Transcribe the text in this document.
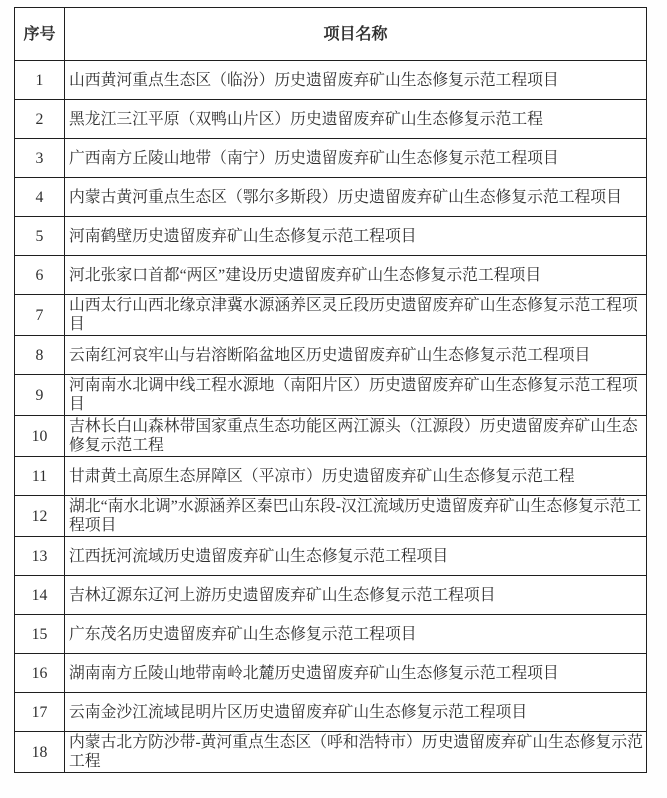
序号	项目名称
1	山西黄河重点生态区（临汾）历史遗留废弃矿山生态修复示范工程项目
2	黑龙江三江平原（双鸭山片区）历史遗留废弃矿山生态修复示范工程
3	广西南方丘陵山地带（南宁）历史遗留废弃矿山生态修复示范工程项目
4	内蒙古黄河重点生态区（鄂尔多斯段）历史遗留废弃矿山生态修复示范工程项目
5	河南鹤壁历史遗留废弃矿山生态修复示范工程项目
6	河北张家口首都“两区”建设历史遗留废弃矿山生态修复示范工程项目
7	山西太行山西北缘京津冀水源涵养区灵丘段历史遗留废弃矿山生态修复示范工程项目
8	云南红河哀牢山与岩溶断陷盆地区历史遗留废弃矿山生态修复示范工程项目
9	河南南水北调中线工程水源地（南阳片区）历史遗留废弃矿山生态修复示范工程项目
10	吉林长白山森林带国家重点生态功能区两江源头（江源段）历史遗留废弃矿山生态修复示范工程
11	甘肃黄土高原生态屏障区（平凉市）历史遗留废弃矿山生态修复示范工程
12	湖北“南水北调”水源涵养区秦巴山东段-汉江流域历史遗留废弃矿山生态修复示范工程项目
13	江西抚河流域历史遗留废弃矿山生态修复示范工程项目
14	吉林辽源东辽河上游历史遗留废弃矿山生态修复示范工程项目
15	广东茂名历史遗留废弃矿山生态修复示范工程项目
16	湖南南方丘陵山地带南岭北麓历史遗留废弃矿山生态修复示范工程项目
17	云南金沙江流域昆明片区历史遗留废弃矿山生态修复示范工程项目
18	内蒙古北方防沙带-黄河重点生态区（呼和浩特市）历史遗留废弃矿山生态修复示范工程
